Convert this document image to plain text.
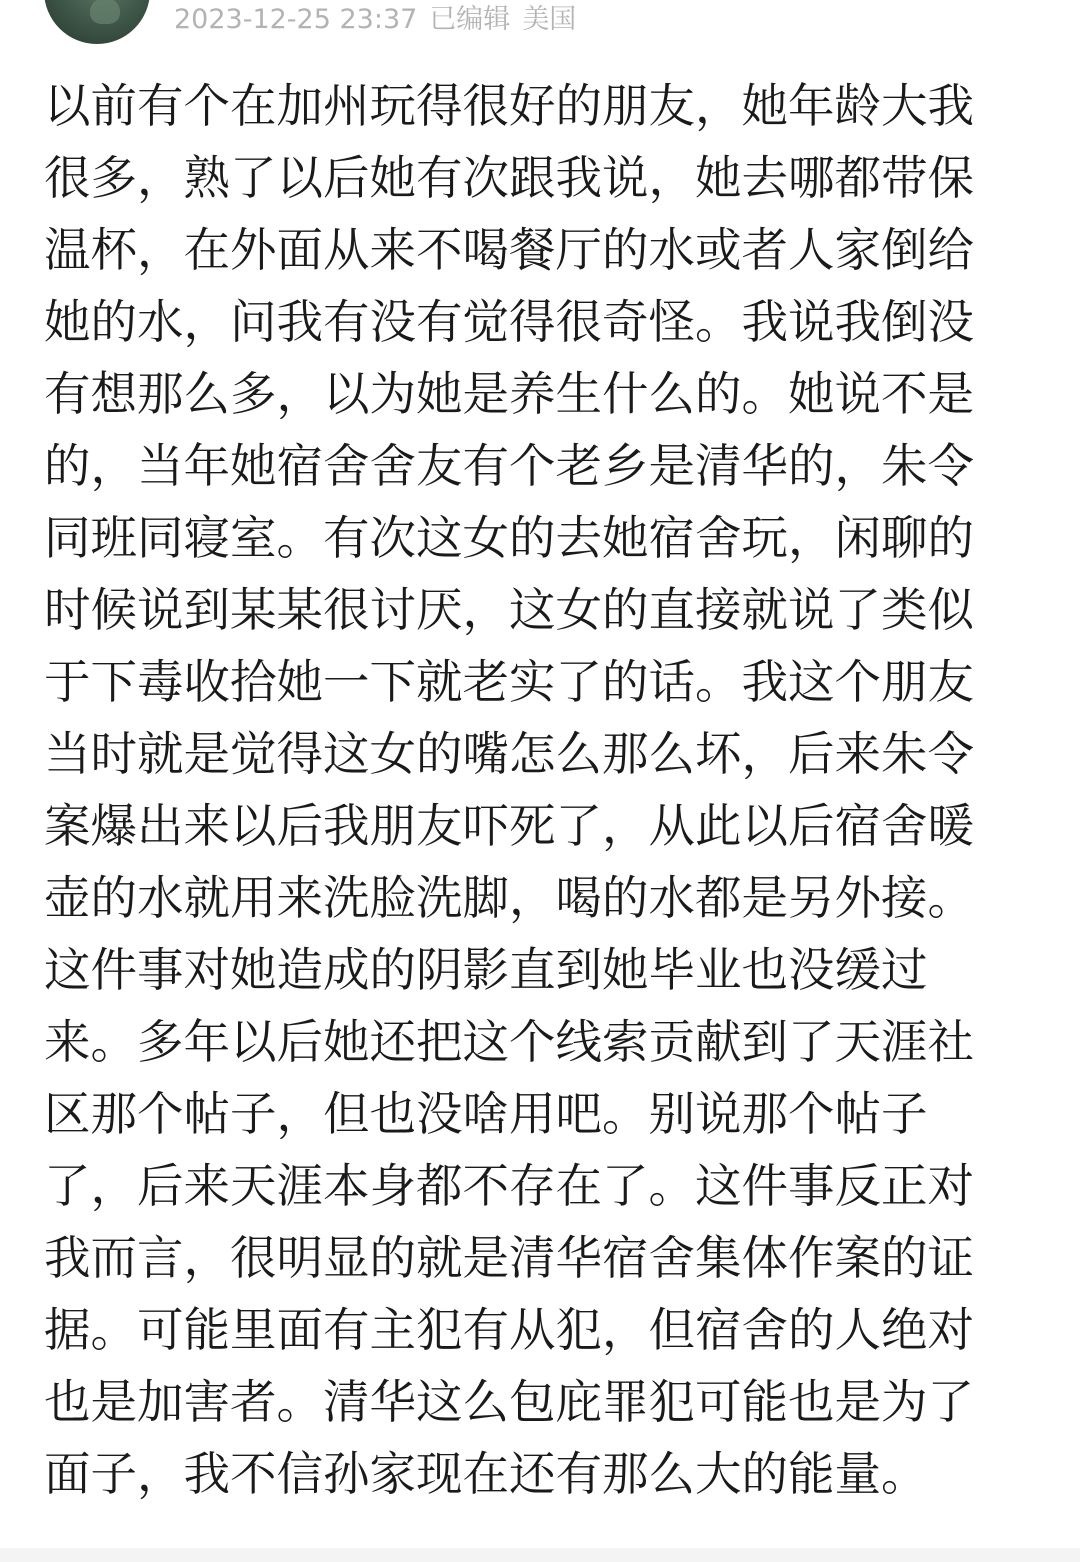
2023-12-25 23:37 已编辑 美国

以前有个在加州玩得很好的朋友，她年龄大我很多，熟了以后她有次跟我说，她去哪都带保温杯，在外面从来不喝餐厅的水或者人家倒给她的水，问我有没有觉得很奇怪。我说我倒没有想那么多，以为她是养生什么的。她说不是的，当年她宿舍舍友有个老乡是清华的，朱令同班同寝室。有次这女的去她宿舍玩，闲聊的时候说到某某很讨厌，这女的直接就说了类似于下毒收拾她一下就老实了的话。我这个朋友当时就是觉得这女的嘴怎么那么坏，后来朱令案爆出来以后我朋友吓死了，从此以后宿舍暖壶的水就用来洗脸洗脚，喝的水都是另外接。这件事对她造成的阴影直到她毕业也没缓过来。多年以后她还把这个线索贡献到了天涯社区那个帖子，但也没啥用吧。别说那个帖子了，后来天涯本身都不存在了。这件事反正对我而言，很明显的就是清华宿舍集体作案的证据。可能里面有主犯有从犯，但宿舍的人绝对也是加害者。清华这么包庇罪犯可能也是为了面子，我不信孙家现在还有那么大的能量。
